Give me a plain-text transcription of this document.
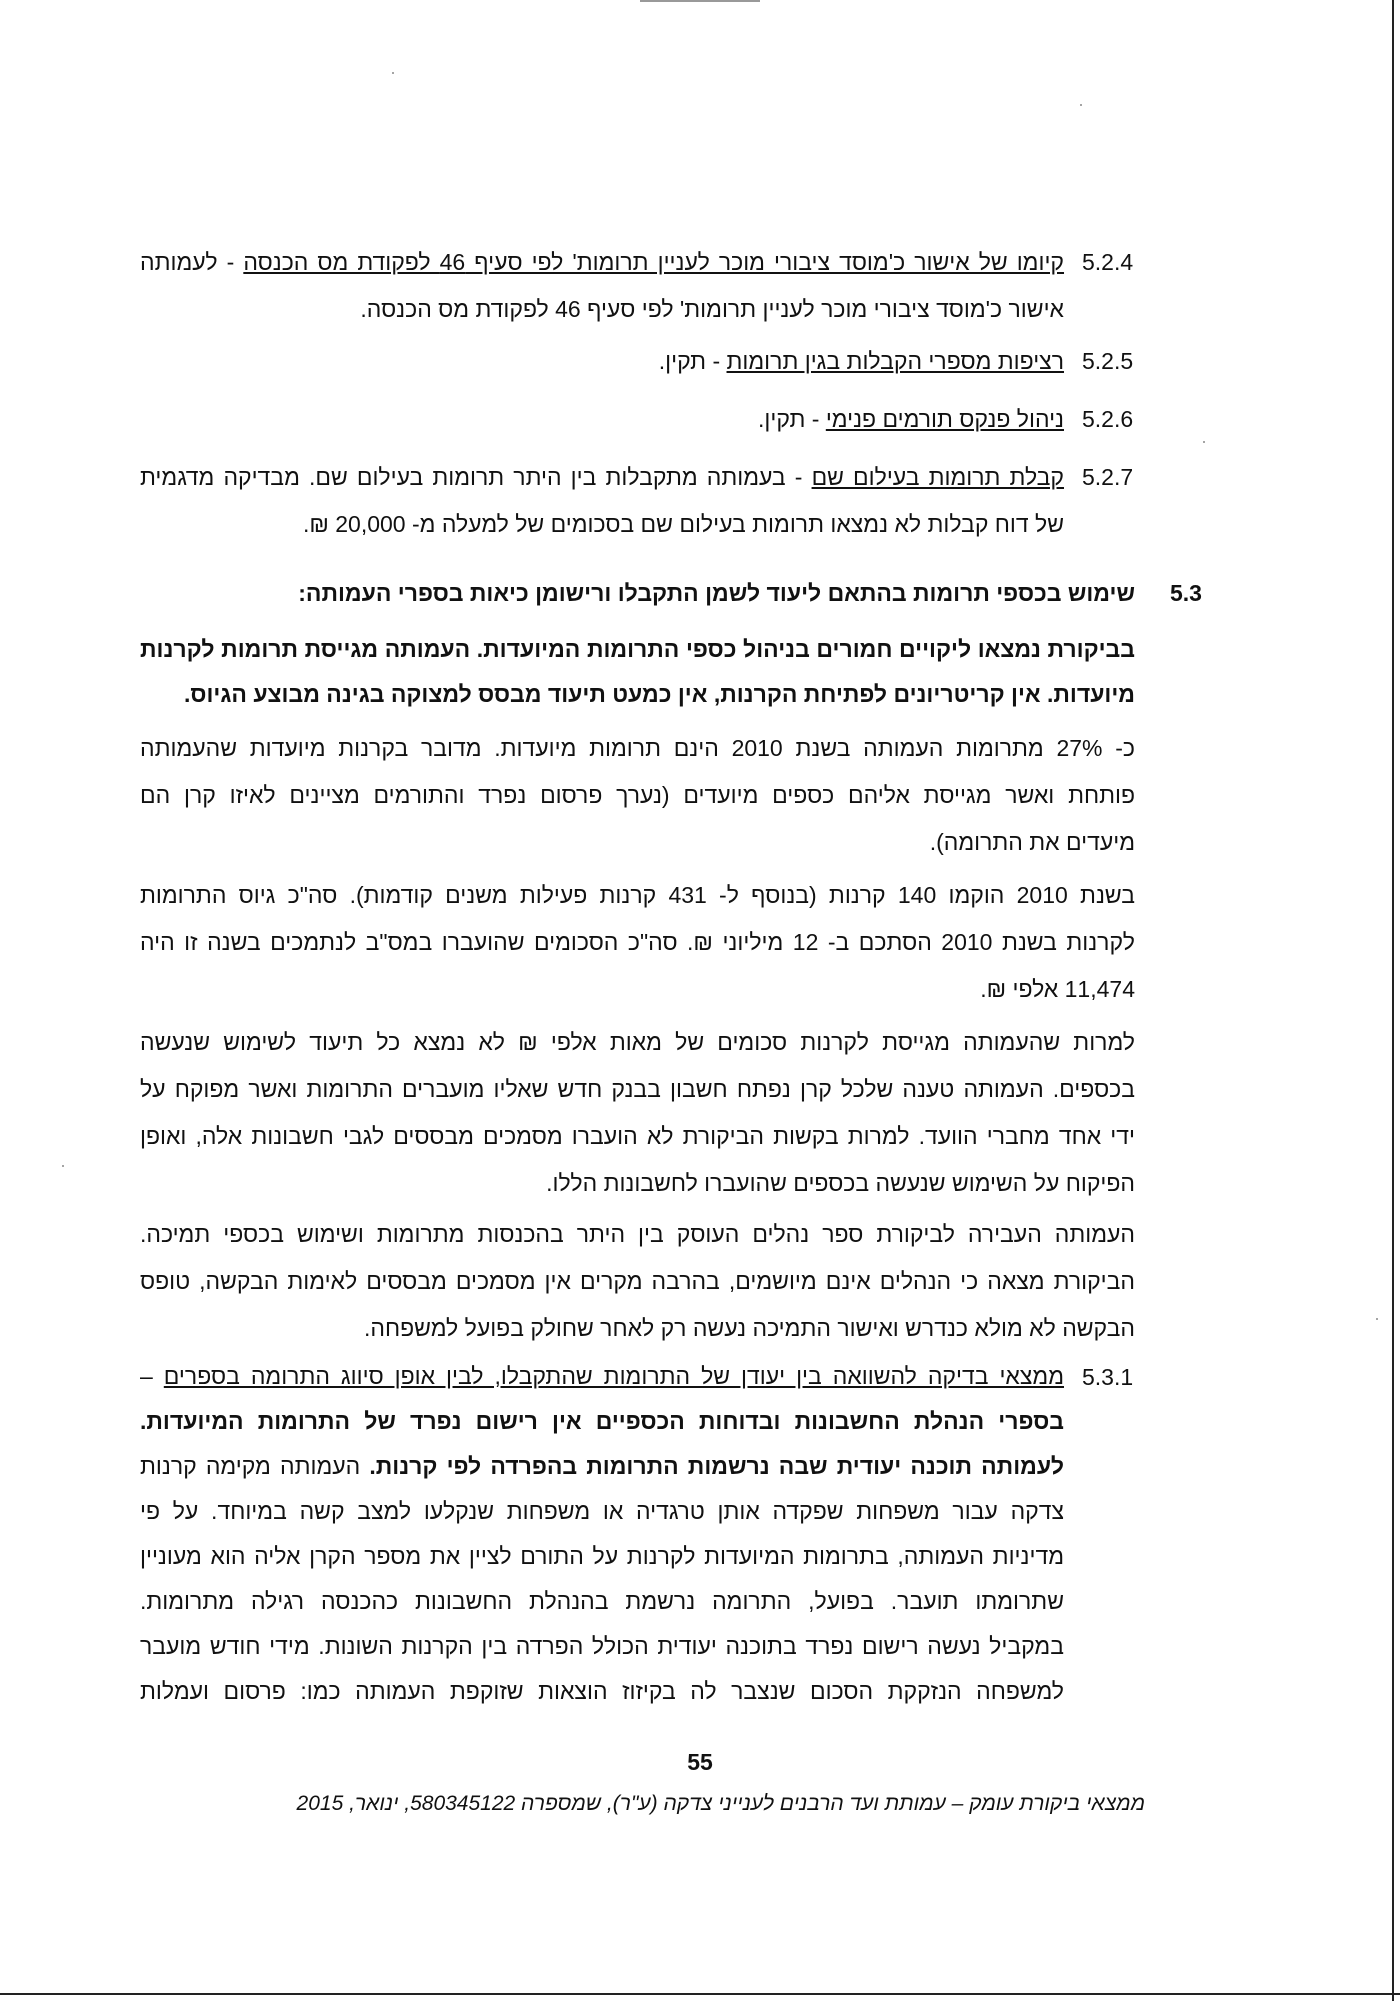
5.2.4
קיומו של אישור כ'מוסד ציבורי מוכר לעניין תרומות' לפי סעיף 46 לפקודת מס הכנסה - לעמותה
אישור כ'מוסד ציבורי מוכר לעניין תרומות' לפי סעיף 46 לפקודת מס הכנסה.
5.2.5
רציפות מספרי הקבלות בגין תרומות - תקין.
5.2.6
ניהול פנקס תורמים פנימי - תקין.
5.2.7
קבלת תרומות בעילום שם - בעמותה מתקבלות בין היתר תרומות בעילום שם. מבדיקה מדגמית
של דוח קבלות לא נמצאו תרומות בעילום שם בסכומים של למעלה מ- 20,000 ₪.
5.3
שימוש בכספי תרומות בהתאם ליעוד לשמן התקבלו ורישומן כיאות בספרי העמותה:
בביקורת נמצאו ליקויים חמורים בניהול כספי התרומות המיועדות. העמותה מגייסת תרומות לקרנות
מיועדות. אין קריטריונים לפתיחת הקרנות, אין כמעט תיעוד מבסס למצוקה בגינה מבוצע הגיוס.
כ- 27% מתרומות העמותה בשנת 2010 הינם תרומות מיועדות. מדובר בקרנות מיועדות שהעמותה
פותחת ואשר מגייסת אליהם כספים מיועדים (נערך פרסום נפרד והתורמים מציינים לאיזו קרן הם
מיעדים את התרומה).
בשנת 2010 הוקמו 140 קרנות (בנוסף ל- 431 קרנות פעילות משנים קודמות). סה"כ גיוס התרומות
לקרנות בשנת 2010 הסתכם ב- 12 מיליוני ₪. סה"כ הסכומים שהועברו במס"ב לנתמכים בשנה זו היה
11,474 אלפי ₪.
למרות שהעמותה מגייסת לקרנות סכומים של מאות אלפי ₪ לא נמצא כל תיעוד לשימוש שנעשה
בכספים. העמותה טענה שלכל קרן נפתח חשבון בבנק חדש שאליו מועברים התרומות ואשר מפוקח על
ידי אחד מחברי הוועד. למרות בקשות הביקורת לא הועברו מסמכים מבססים לגבי חשבונות אלה, ואופן
הפיקוח על השימוש שנעשה בכספים שהועברו לחשבונות הללו.
העמותה העבירה לביקורת ספר נהלים העוסק בין היתר בהכנסות מתרומות ושימוש בכספי תמיכה.
הביקורת מצאה כי הנהלים אינם מיושמים, בהרבה מקרים אין מסמכים מבססים לאימות הבקשה, טופס
הבקשה לא מולא כנדרש ואישור התמיכה נעשה רק לאחר שחולק בפועל למשפחה.
5.3.1
ממצאי בדיקה להשוואה בין יעודן של התרומות שהתקבלו, לבין אופן סיווג התרומה בספרים –
בספרי הנהלת החשבונות ובדוחות הכספיים אין רישום נפרד של התרומות המיועדות.
לעמותה תוכנה יעודית שבה נרשמות התרומות בהפרדה לפי קרנות. העמותה מקימה קרנות
צדקה עבור משפחות שפקדה אותן טרגדיה או משפחות שנקלעו למצב קשה במיוחד. על פי
מדיניות העמותה, בתרומות המיועדות לקרנות על התורם לציין את מספר הקרן אליה הוא מעוניין
שתרומתו תועבר. בפועל, התרומה נרשמת בהנהלת החשבונות כהכנסה רגילה מתרומות.
במקביל נעשה רישום נפרד בתוכנה יעודית הכולל הפרדה בין הקרנות השונות. מידי חודש מועבר
למשפחה הנזקקת הסכום שנצבר לה בקיזוז הוצאות שזוקפת העמותה כמו: פרסום ועמלות
55
ממצאי ביקורת עומק – עמותת ועד הרבנים לענייני צדקה (ע"ר), שמספרה 580345122, ינואר, 2015
